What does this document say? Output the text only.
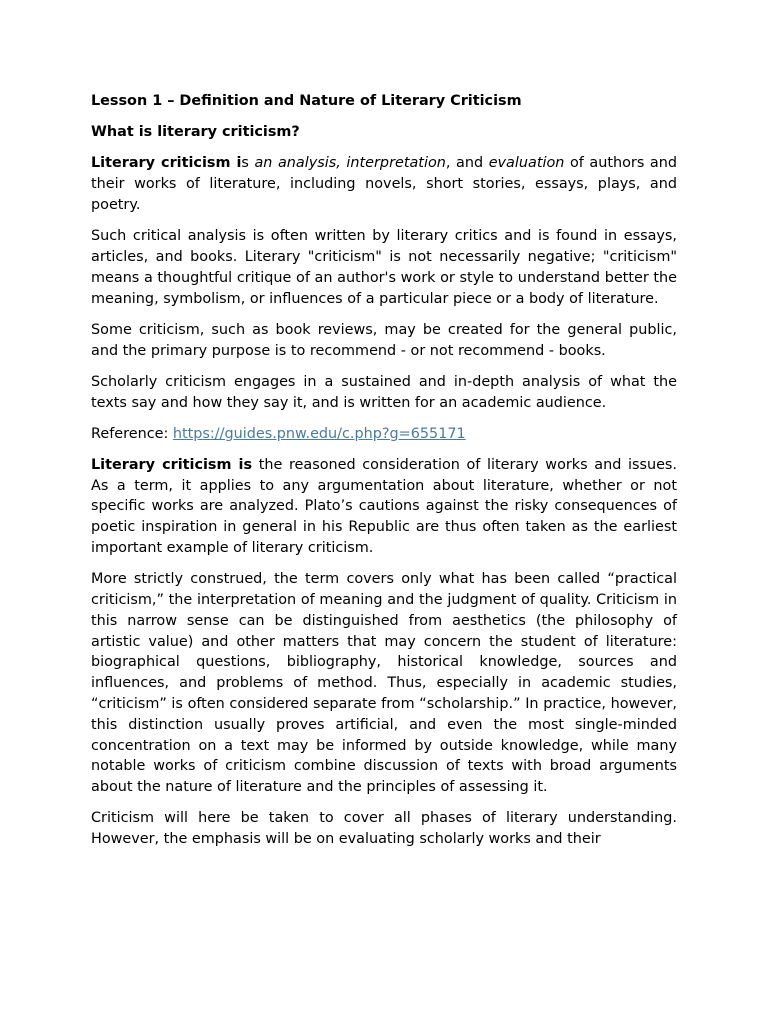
Lesson 1 – Definition and Nature of Literary Criticism

What is literary criticism?

Literary criticism is an analysis, interpretation, and evaluation of authors and their works of literature, including novels, short stories, essays, plays, and poetry.

Such critical analysis is often written by literary critics and is found in essays, articles, and books. Literary "criticism" is not necessarily negative; "criticism" means a thoughtful critique of an author's work or style to understand better the meaning, symbolism, or influences of a particular piece or a body of literature.

Some criticism, such as book reviews, may be created for the general public, and the primary purpose is to recommend - or not recommend - books.

Scholarly criticism engages in a sustained and in-depth analysis of what the texts say and how they say it, and is written for an academic audience.

Reference: https://guides.pnw.edu/c.php?g=655171

Literary criticism is the reasoned consideration of literary works and issues. As a term, it applies to any argumentation about literature, whether or not specific works are analyzed. Plato’s cautions against the risky consequences of poetic inspiration in general in his Republic are thus often taken as the earliest important example of literary criticism.

More strictly construed, the term covers only what has been called “practical criticism,” the interpretation of meaning and the judgment of quality. Criticism in this narrow sense can be distinguished from aesthetics (the philosophy of artistic value) and other matters that may concern the student of literature: biographical questions, bibliography, historical knowledge, sources and influences, and problems of method. Thus, especially in academic studies, “criticism” is often considered separate from “scholarship.” In practice, however, this distinction usually proves artificial, and even the most single-minded concentration on a text may be informed by outside knowledge, while many notable works of criticism combine discussion of texts with broad arguments about the nature of literature and the principles of assessing it.

Criticism will here be taken to cover all phases of literary understanding. However, the emphasis will be on evaluating scholarly works and their
